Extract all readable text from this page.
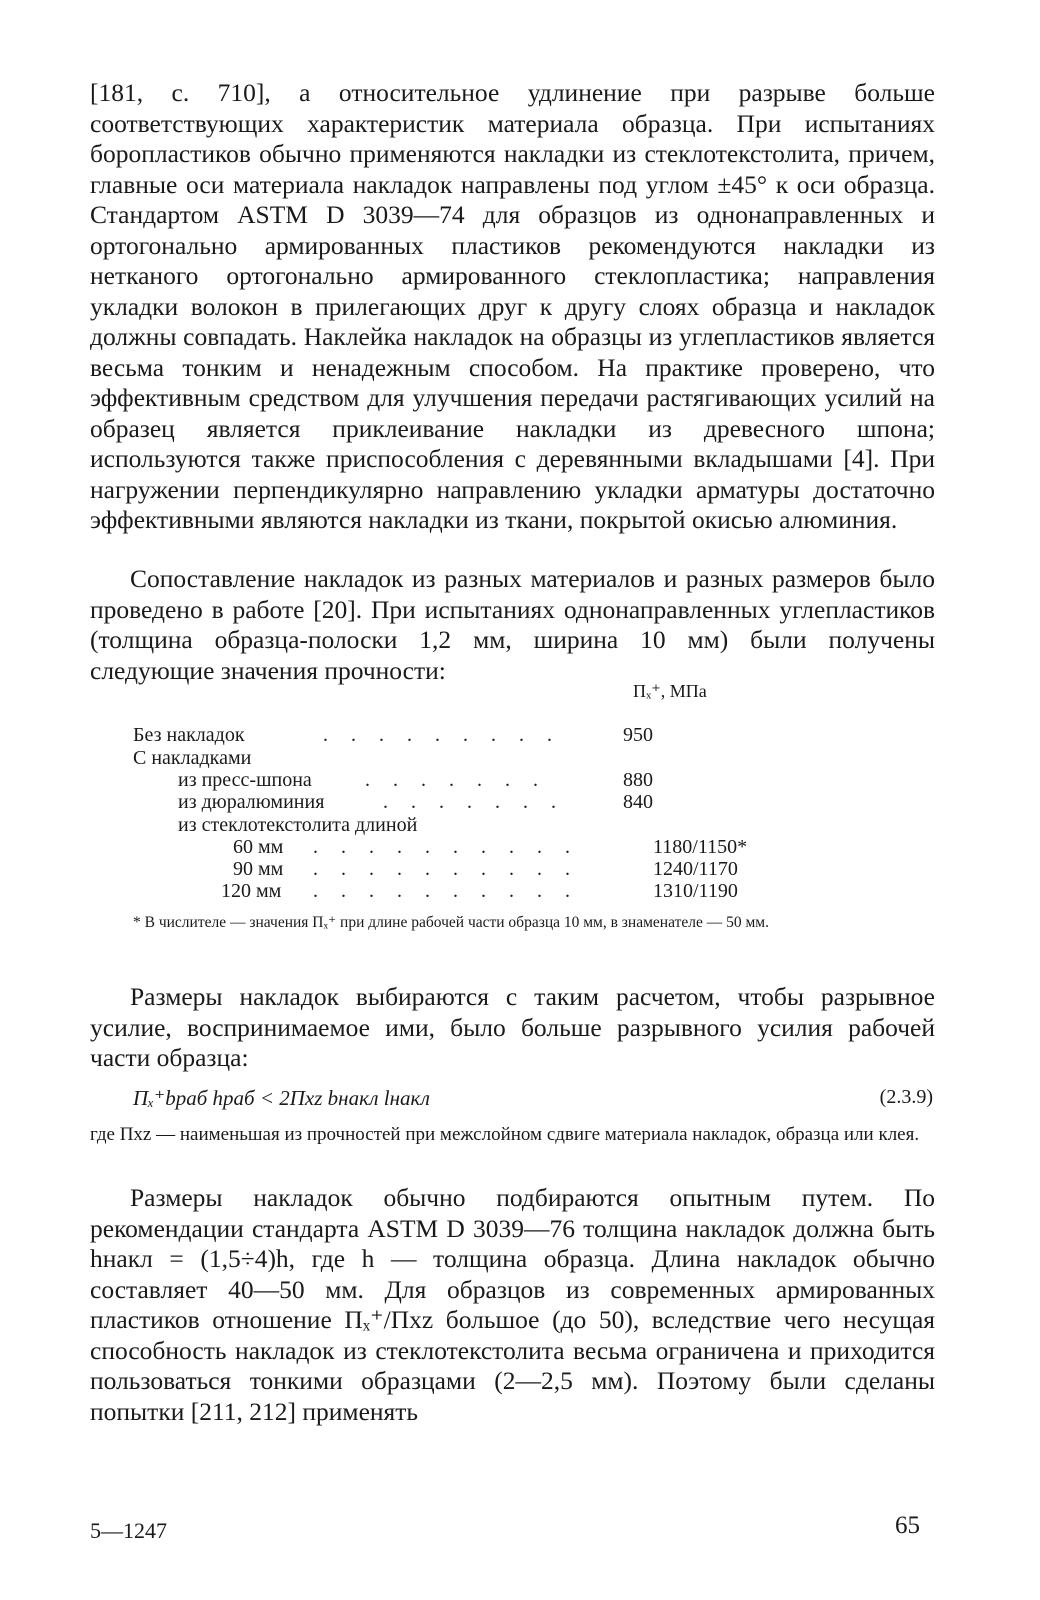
[181, с. 710], а относительное удлинение при разрыве больше соответствующих характеристик материала образца. При испытаниях боропластиков обычно применяются накладки из стеклотекстолита, причем, главные оси материала накладок направлены под углом ±45° к оси образца. Стандартом ASTM D 3039—74 для образцов из однонаправленных и ортогонально армированных пластиков рекомендуются накладки из нетканого ортогонально армированного стеклопластика; направления укладки волокон в прилегающих друг к другу слоях образца и накладок должны совпадать. Наклейка накладок на образцы из углепластиков является весьма тонким и ненадежным способом. На практике проверено, что эффективным средством для улучшения передачи растягивающих усилий на образец является приклеивание накладки из древесного шпона; используются также приспособления с деревянными вкладышами [4]. При нагружении перпендикулярно направлению укладки арматуры достаточно эффективными являются накладки из ткани, покрытой окисью алюминия.

Сопоставление накладок из разных материалов и разных размеров было проведено в работе [20]. При испытаниях однонаправленных углепластиков (толщина образца-полоски 1,2 мм, ширина 10 мм) были получены следующие значения прочности:

Пₓ⁺, МПа
Без накладок	. . . . . . . . .	950
С накладками
из пресс-шпона	. . . . . . .	880
из дюралюминия	. . . . . . .	840
из стеклотекстолита длиной
60 мм . . . . . . . . . .	1180/1150*
90 мм . . . . . . . . . .	1240/1170
120 мм . . . . . . . . . .	1310/1190

* В числителе — значения Пₓ⁺ при длине рабочей части образца 10 мм, в знаменателе — 50 мм.

Размеры накладок выбираются с таким расчетом, чтобы разрывное усилие, воспринимаемое ими, было больше разрывного усилия рабочей части образца:

Пₓ⁺bраб hраб < 2Пxz bнакл lнакл	(2.3.9)

где Пxz — наименьшая из прочностей при межслойном сдвиге материала накладок, образца или клея.

Размеры накладок обычно подбираются опытным путем. По рекомендации стандарта ASTM D 3039—76 толщина накладок должна быть hнакл = (1,5÷4)h, где h — толщина образца. Длина накладок обычно составляет 40—50 мм. Для образцов из современных армированных пластиков отношение Пₓ⁺/Пxz большое (до 50), вследствие чего несущая способность накладок из стеклотекстолита весьма ограничена и приходится пользоваться тонкими образцами (2—2,5 мм). Поэтому были сделаны попытки [211, 212] применять

5—1247	65
